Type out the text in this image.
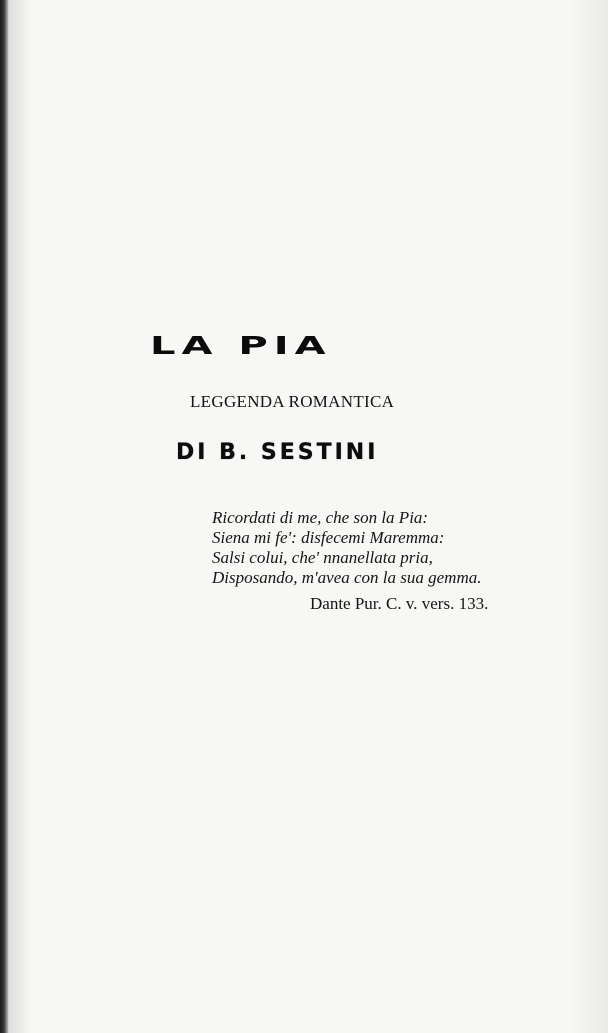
LA PIA
LEGGENDA ROMANTICA
DI B. SESTINI
Ricordati di me, che son la Pia:
Siena mi fe': disfecemi Maremma:
Salsi colui, che' nnanellata pria,
Disposando, m'avea con la sua gemma.
Dante Pur. C. v. vers. 133.
